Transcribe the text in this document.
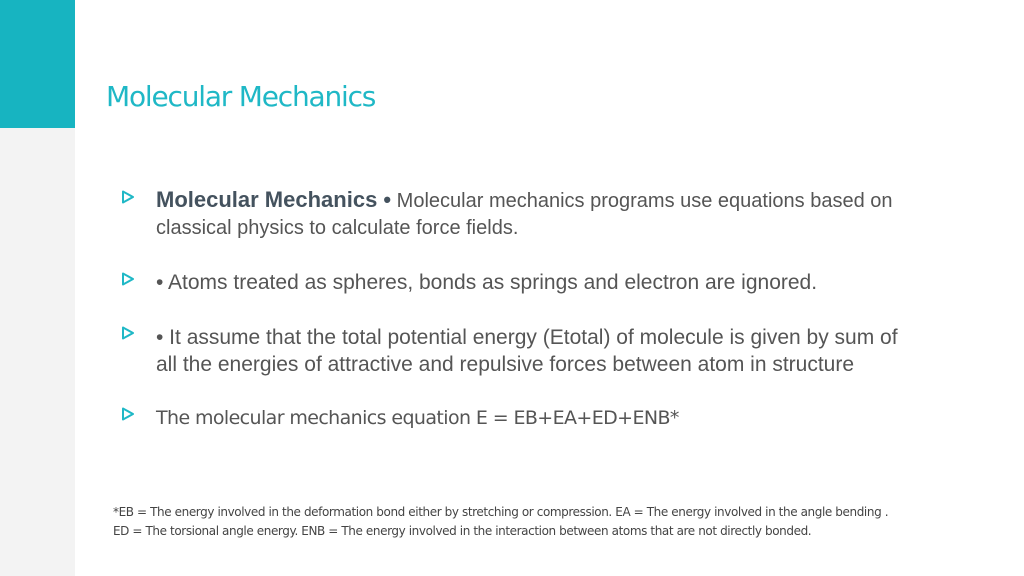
Molecular Mechanics
Molecular Mechanics • Molecular mechanics programs use equations based on classical physics to calculate force fields.
• Atoms treated as spheres, bonds as springs and electron are ignored.
• It assume that the total potential energy (Etotal) of molecule is given by sum of all the energies of attractive and repulsive forces between atom in structure
The molecular mechanics equation E = EB+EA+ED+ENB*
*EB = The energy involved in the deformation bond either by stretching or compression. EA = The energy involved in the angle bending .
ED = The torsional angle energy. ENB = The energy involved in the interaction between atoms that are not directly bonded.
